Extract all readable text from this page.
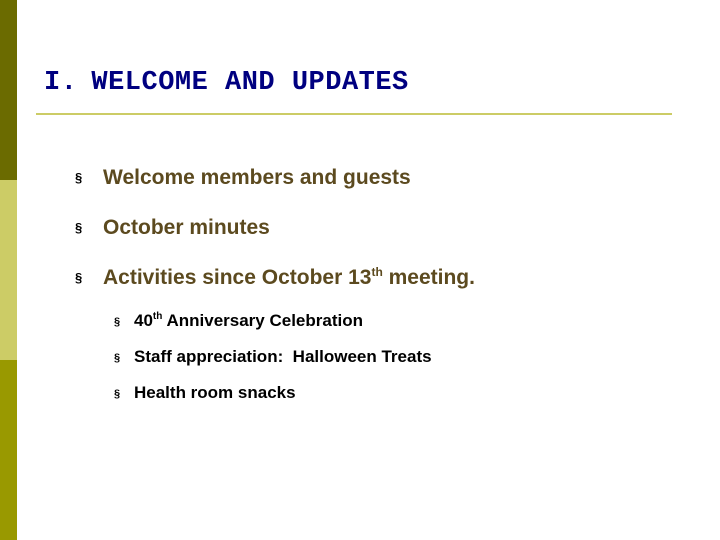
I. WELCOME AND UPDATES
§ Welcome members and guests
§ October minutes
§ Activities since October 13th meeting.
§ 40th Anniversary Celebration
§ Staff appreciation:  Halloween Treats
§ Health room snacks
